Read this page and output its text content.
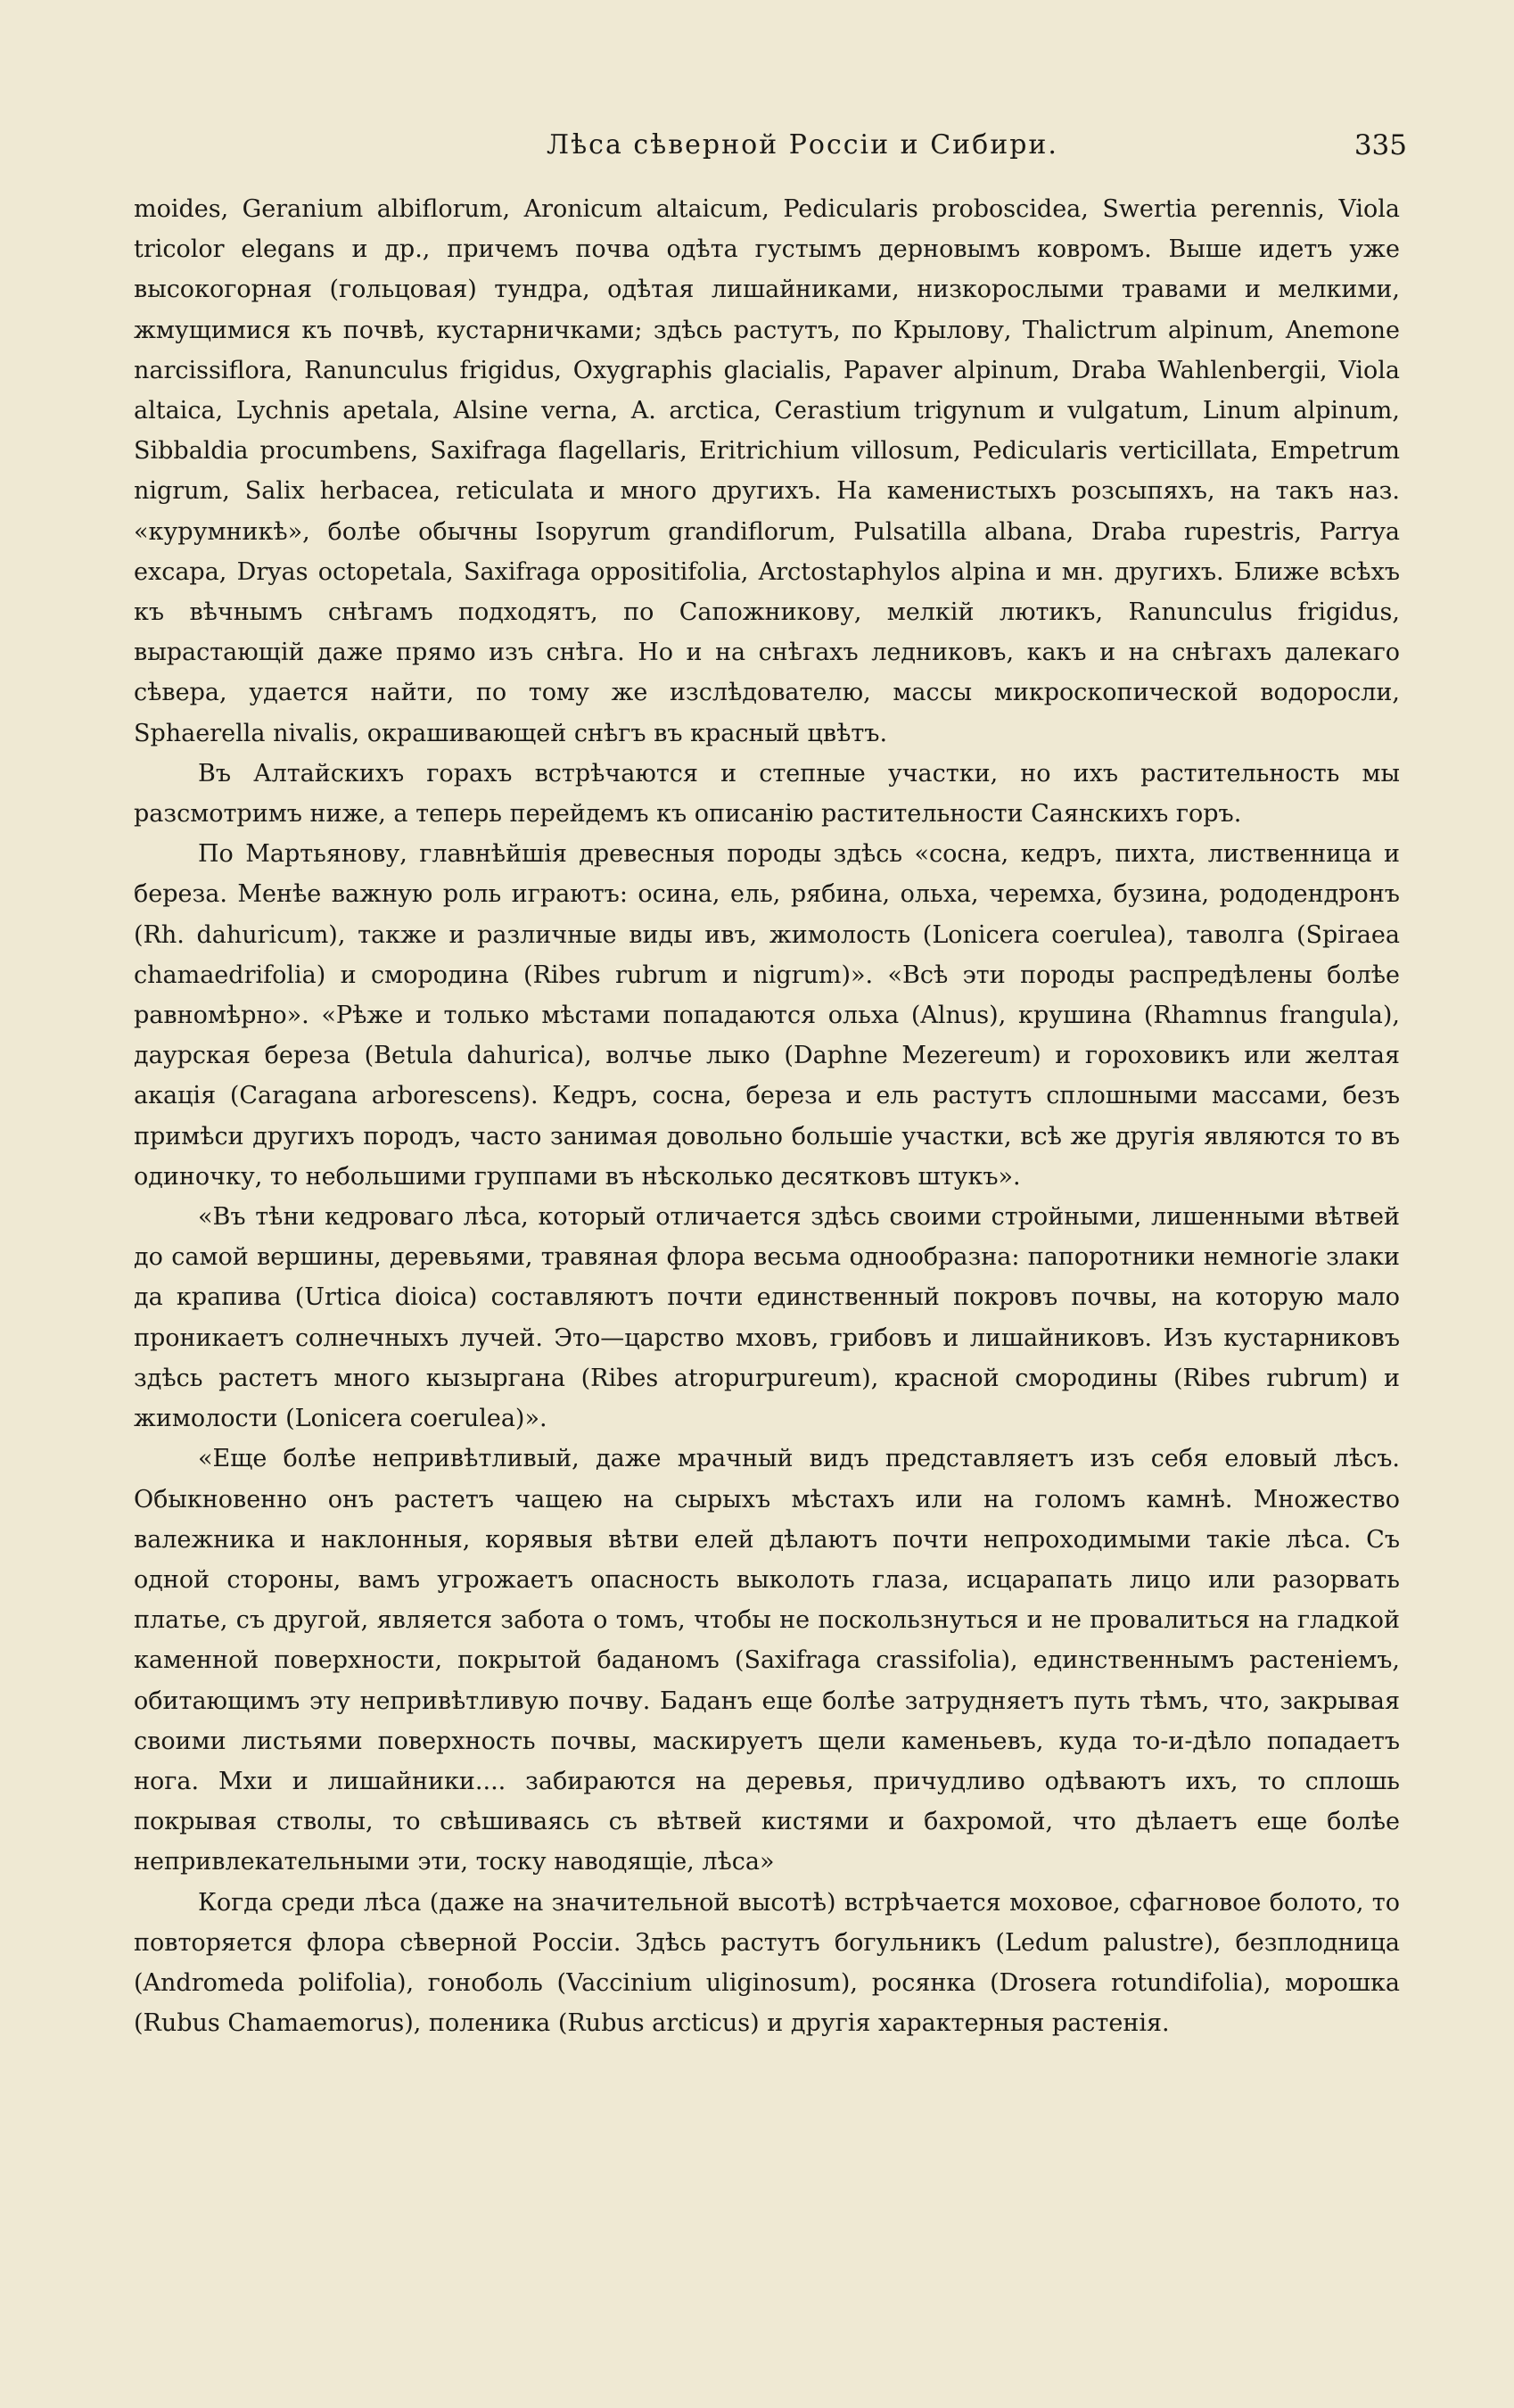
Лѣса сѣверной Россіи и Сибири.	335

moides, Geranium albiflorum, Aronicum altaicum, Pedicularis proboscidea, Swertia perennis, Viola tricolor elegans и др., причемъ почва одѣта густымъ дерновымъ ковромъ. Выше идетъ уже высокогорная (гольцовая) тундра, одѣтая лишайниками, низкорослыми травами и мелкими, жмущимися къ почвѣ, кустарничками; здѣсь растутъ, по Крылову, Thalictrum alpinum, Anemone narcissiflora, Ranunculus frigidus, Oxygraphis glacialis, Papaver alpinum, Draba Wahlenbergii, Viola altaica, Lychnis apetala, Alsine verna, A. arctica, Cerastium trigynum и vulgatum, Linum alpinum, Sibbaldia procumbens, Saxifraga flagellaris, Eritrichium villosum, Pedicularis verticillata, Empetrum nigrum, Salix herbacea, reticulata и много другихъ. На каменистыхъ розсыпяхъ, на такъ наз. «курумникѣ», болѣе обычны Isopyrum grandiflorum, Pulsatilla albana, Draba rupestris, Parrya excapa, Dryas octopetala, Saxifraga oppositifolia, Arctostaphylos alpina и мн. другихъ. Ближе всѣхъ къ вѣчнымъ снѣгамъ подходятъ, по Сапожникову, мелкій лютикъ, Ranunculus frigidus, вырастающій даже прямо изъ снѣга. Но и на снѣгахъ ледниковъ, какъ и на снѣгахъ далекаго сѣвера, удается найти, по тому же изслѣдователю, массы микроскопической водоросли, Sphaerella nivalis, окрашивающей снѣгъ въ красный цвѣтъ.

Въ Алтайскихъ горахъ встрѣчаются и степные участки, но ихъ растительность мы разсмотримъ ниже, а теперь перейдемъ къ описанію растительности Саянскихъ горъ.

По Мартьянову, главнѣйшія древесныя породы здѣсь «сосна, кедръ, пихта, лиственница и береза. Менѣе важную роль играютъ: осина, ель, рябина, ольха, черемха, бузина, рододендронъ (Rh. dahuricum), также и различные виды ивъ, жимолость (Lonicera coerulea), таволга (Spiraea chamaedrifolia) и смородина (Ribes rubrum и nigrum)». «Всѣ эти породы распредѣлены болѣе равномѣрно». «Рѣже и только мѣстами попадаются ольха (Alnus), крушина (Rhamnus frangula), даурская береза (Betula dahurica), волчье лыко (Daphne Mezereum) и гороховикъ или желтая акація (Caragana arborescens). Кедръ, сосна, береза и ель растутъ сплошными массами, безъ примѣси другихъ породъ, часто занимая довольно большіе участки, всѣ же другія являются то въ одиночку, то небольшими группами въ нѣсколько десятковъ штукъ».

«Въ тѣни кедроваго лѣса, который отличается здѣсь своими стройными, лишенными вѣтвей до самой вершины, деревьями, травяная флора весьма однообразна: папоротники немногіе злаки да крапива (Urtica dioica) составляютъ почти единственный покровъ почвы, на которую мало проникаетъ солнечныхъ лучей. Это—царство мховъ, грибовъ и лишайниковъ. Изъ кустарниковъ здѣсь растетъ много кызыргана (Ribes atropurpureum), красной смородины (Ribes rubrum) и жимолости (Lonicera coerulea)».

«Еще болѣе непривѣтливый, даже мрачный видъ представляетъ изъ себя еловый лѣсъ. Обыкновенно онъ растетъ чащею на сырыхъ мѣстахъ или на голомъ камнѣ. Множество валежника и наклонныя, корявыя вѣтви елей дѣлаютъ почти непроходимыми такіе лѣса. Съ одной стороны, вамъ угрожаетъ опасность выколоть глаза, исцарапать лицо или разорвать платье, съ другой, является забота о томъ, чтобы не поскользнуться и не провалиться на гладкой каменной поверхности, покрытой баданомъ (Saxifraga crassifolia), единственнымъ растеніемъ, обитающимъ эту непривѣтливую почву. Баданъ еще болѣе затрудняетъ путь тѣмъ, что, закрывая своими листьями поверхность почвы, маскируетъ щели каменьевъ, куда то-и-дѣло попадаетъ нога. Мхи и лишайники.... забираются на деревья, причудливо одѣваютъ ихъ, то сплошь покрывая стволы, то свѣшиваясь съ вѣтвей кистями и бахромой, что дѣлаетъ еще болѣе непривлекательными эти, тоску наводящіе, лѣса»

Когда среди лѣса (даже на значительной высотѣ) встрѣчается моховое, сфагновое болото, то повторяется флора сѣверной Россіи. Здѣсь растутъ богульникъ (Ledum palustre), безплодница (Andromeda polifolia), гоноболь (Vaccinium uliginosum), росянка (Drosera rotundifolia), морошка (Rubus Chamaemorus), поленика (Rubus arcticus) и другія характерныя растенія.
